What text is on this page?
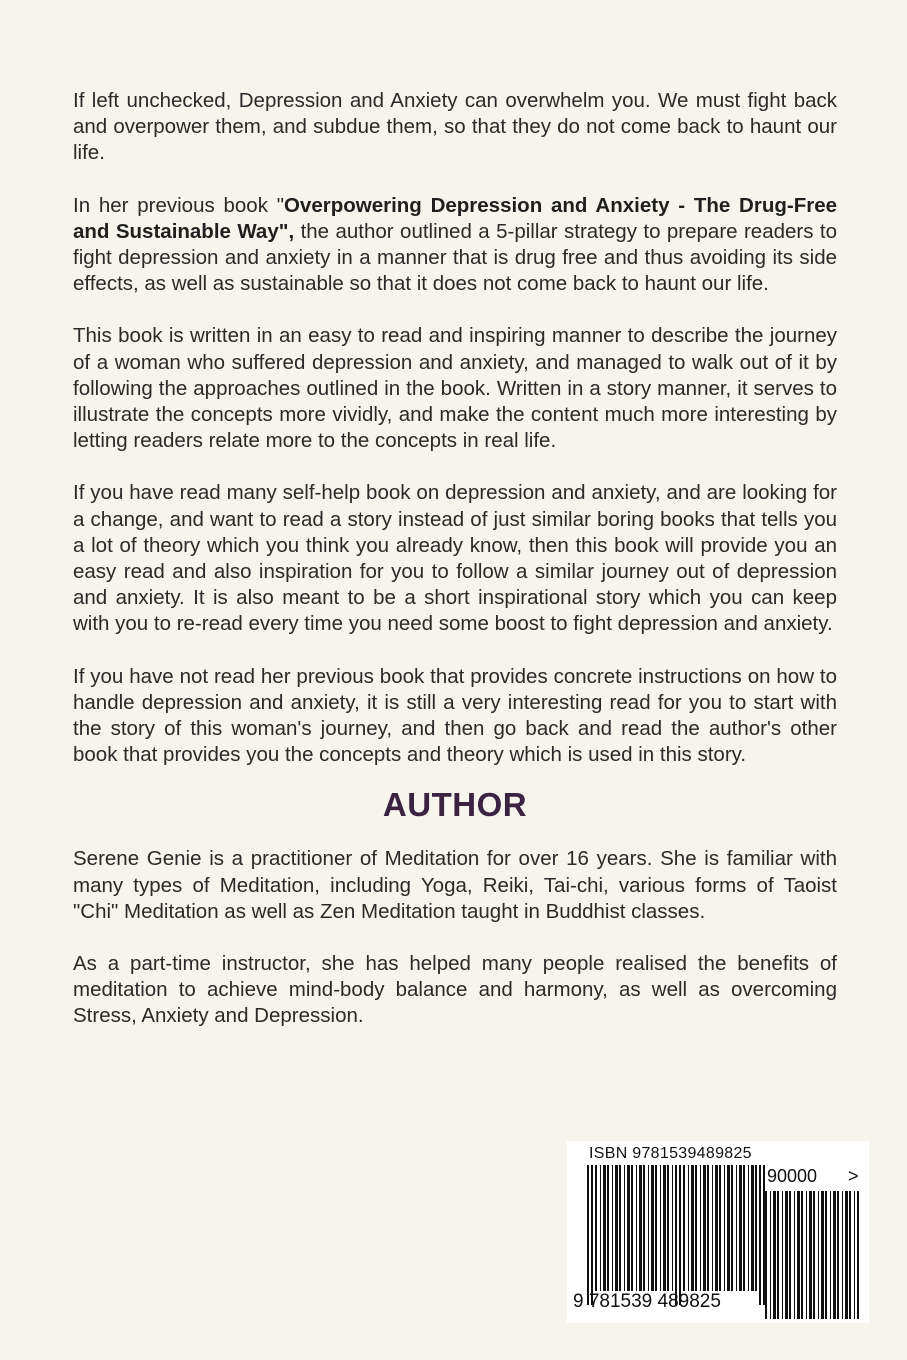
If left unchecked, Depression and Anxiety can overwhelm you. We must fight back and overpower them, and subdue them, so that they do not come back to haunt our life.

In her previous book "Overpowering Depression and Anxiety - The Drug-Free and Sustainable Way", the author outlined a 5-pillar strategy to prepare readers to fight depression and anxiety in a manner that is drug free and thus avoiding its side effects, as well as sustainable so that it does not come back to haunt our life.

This book is written in an easy to read and inspiring manner to describe the journey of a woman who suffered depression and anxiety, and managed to walk out of it by following the approaches outlined in the book. Written in a story manner, it serves to illustrate the concepts more vividly, and make the content much more interesting by letting readers relate more to the concepts in real life.

If you have read many self-help book on depression and anxiety, and are looking for a change, and want to read a story instead of just similar boring books that tells you a lot of theory which you think you already know, then this book will provide you an easy read and also inspiration for you to follow a similar journey out of depression and anxiety. It is also meant to be a short inspirational story which you can keep with you to re-read every time you need some boost to fight depression and anxiety.

If you have not read her previous book that provides concrete instructions on how to handle depression and anxiety, it is still a very interesting read for you to start with the story of this woman's journey, and then go back and read the author's other book that provides you the concepts and theory which is used in this story.

AUTHOR

Serene Genie is a practitioner of Meditation for over 16 years. She is familiar with many types of Meditation, including Yoga, Reiki, Tai-chi, various forms of Taoist "Chi" Meditation as well as Zen Meditation taught in Buddhist classes.

As a part-time instructor, she has helped many people realised the benefits of meditation to achieve mind-body balance and harmony, as well as overcoming Stress, Anxiety and Depression.

ISBN 9781539489825
90000 >
9 781539 489825
